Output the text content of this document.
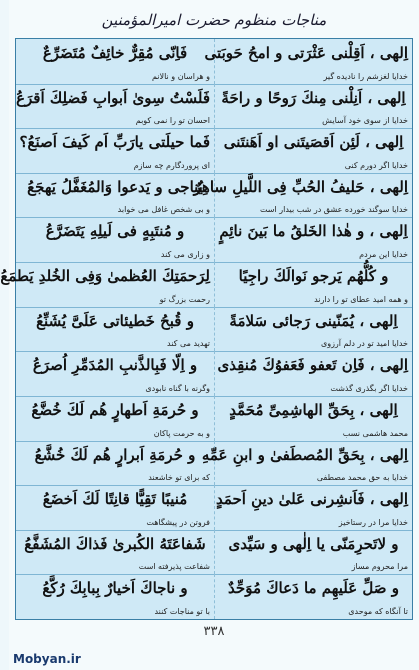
مناجات منظوم حضرت امیرالمؤمنین
اِلهى ، اَقِلْنى عَثْرَتى و امحُ حَوبَتى
خدایا لغزشم را نادیده گیر
فَاِنّى مُقِرٌّ خائِفٌ مُتَضَرِّعٌ
و هراسان و نالانم
اِلهى ، اَنِلْنى مِنكَ رَوحًا و راحَةً
خدایا از سوى خود آسایش
فَلَسْتُ سِوىٰ اَبوابِ فَضلِكَ اَقرَعُ
احسان تو را نمى کوبم
اِلهى ، لَئِن اَقصَيتَنى او اَهَنتَنى
خدایا اگر دورم کنى
فَما حيلَتى يارَبِّ اَم كَيفَ اَصنَعُ؟
اى پروردگارم چه سازم
اِلهى ، حَليفُ الحُبِّ فِى اللَّيلِ ساهِرٌ
خدایا سوگند خورده عشق در شب بیدار است
يُناجى و يَدعوا وَالمُغَفَّلُ يَهجَعُ
و بى شخص غافل مى خوابد
اِلهى ، و هٰذا الخَلقُ ما بَينَ نائِمٍ
خدایا این مردم
و مُنتَبِهٍ فى لَيلِهِ يَتَضَرَّعُ
و زارى مى کند
و كُلُّهُم يَرجو نَوالَكَ راجِيًا
و همه امید عطاى تو را دارند
لِرَحمَتِكَ العُظمىٰ وَفِى الخُلدِ يَطمَعُ
رحمت بزرگ تو
اِلهى ، يُمَنّينى رَجائى سَلامَةً
خدایا امید تو در دلم آرزوى
و قُبحُ خَطيئاتى عَلَىَّ يُشَنِّعُ
تهدید مى کند
اِلهى ، فَاِن تَعفو فَعَفوُكَ مُنقِذى
خدایا اگر بگذرى گذشت
و اِلّا فَبِالذَّنبِ المُدَمِّرِ اُصرَعُ
وگرنه با گناه نابودى
اِلهى ، بِحَقِّ الهاشِمِىِّ مُحَمَّدٍ
محمد هاشمى نسب
و حُرمَةِ اَطهارٍ هُم لَكَ خُضَّعُ
و به حرمت پاکان
اِلهى ، بِحَقِّ المُصطَفىٰ و ابنِ عَمِّهِ
خدایا به حق محمد مصطفى
و حُرمَةِ اَبرارٍ هُم لَكَ خُشَّعُ
که براى تو خاشعند
اِلهى ، فَاَنشِرنى عَلىٰ دينِ اَحمَدٍ
خدایا مرا در رستاخیز
مُنيبًا تَقِيًّا قانِتًا لَكَ اَخضَعُ
فروتن در پیشگاهت
و لاتَحرِمَنّى يا اِلٰهى و سَيِّدى
مرا محروم مساز
شَفاعَتَهُ الكُبرىٰ فَذاكَ المُشَفَّعُ
شفاعت پذیرفته است
و صَلِّ عَلَيهِم ما دَعاكَ مُوَحِّدٌ
تا آنگاه که موحدى
و ناجاكَ اَخيارٌ بِبابِكَ رُكَّعُ
با تو مناجات کنند
۳۳۸
Mobyan.ir
